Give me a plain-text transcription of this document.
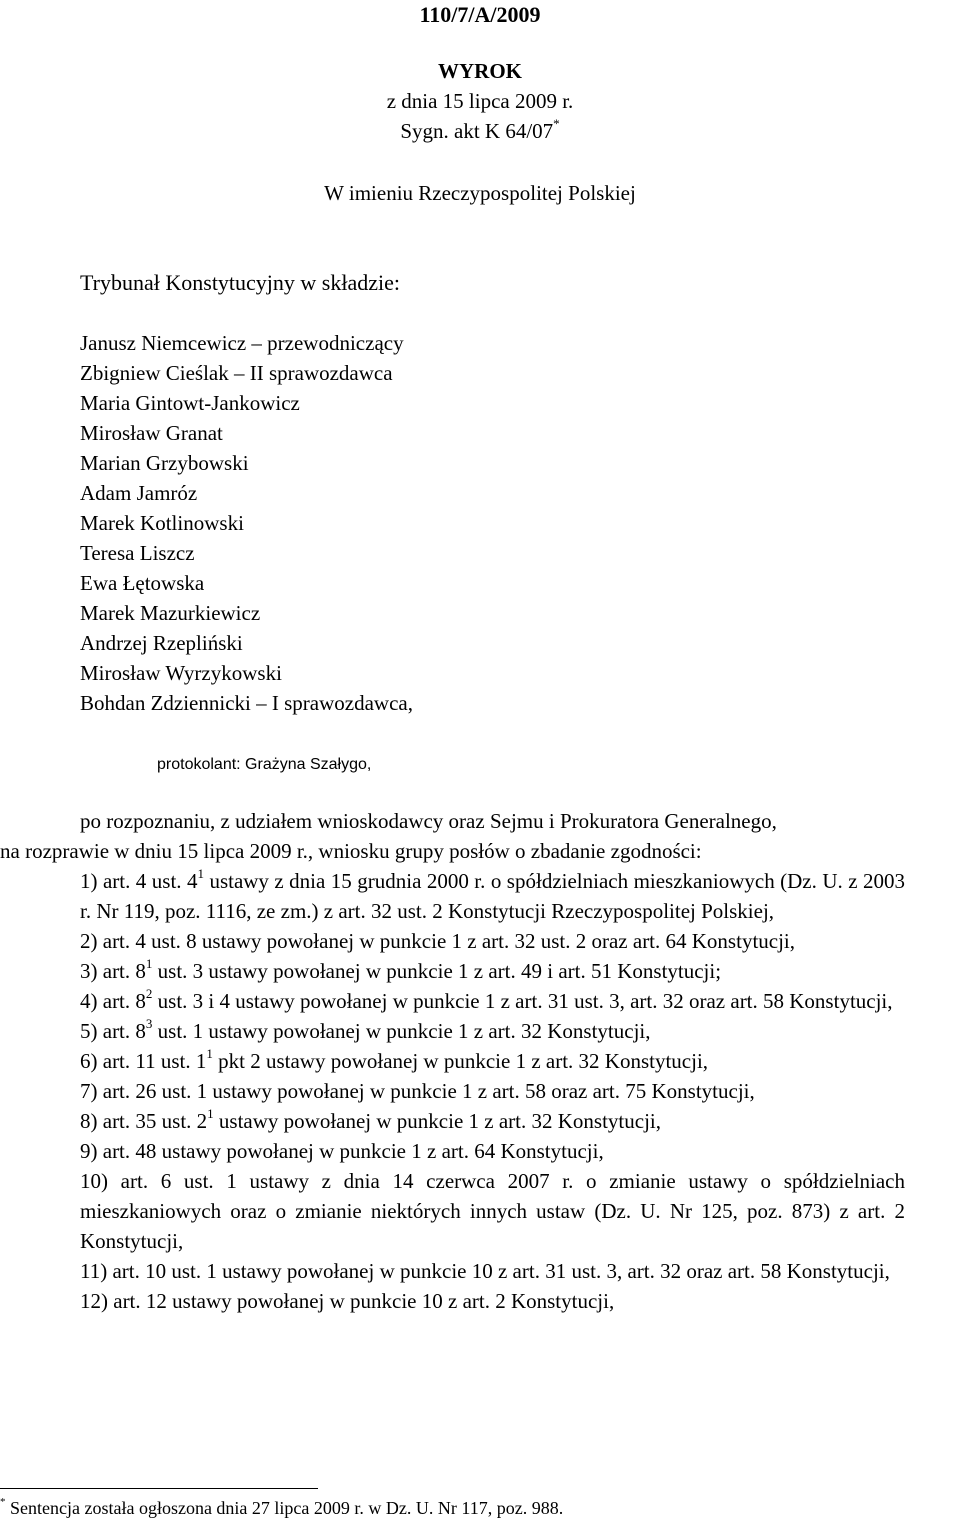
110/7/A/2009
WYROK
z dnia 15 lipca 2009 r.
Sygn. akt K 64/07*
W imieniu Rzeczypospolitej Polskiej
Trybunał Konstytucyjny w składzie:
Janusz Niemcewicz – przewodniczący
Zbigniew Cieślak – II sprawozdawca
Maria Gintowt-Jankowicz
Mirosław Granat
Marian Grzybowski
Adam Jamróz
Marek Kotlinowski
Teresa Liszcz
Ewa Łętowska
Marek Mazurkiewicz
Andrzej Rzepliński
Mirosław Wyrzykowski
Bohdan Zdziennicki – I sprawozdawca,
protokolant: Grażyna Szałygo,
po rozpoznaniu, z udziałem wnioskodawcy oraz Sejmu i Prokuratora Generalnego,
na rozprawie w dniu 15 lipca 2009 r., wniosku grupy posłów o zbadanie zgodności:
1) art. 4 ust. $4^1$ ustawy z dnia 15 grudnia 2000 r. o spółdzielniach mieszkaniowych (Dz. U. z 2003 r. Nr 119, poz. 1116, ze zm.) z art. 32 ust. 2 Konstytucji Rzeczypospolitej Polskiej,
2) art. 4 ust. 8 ustawy powołanej w punkcie 1 z art. 32 ust. 2 oraz art. 64 Konstytucji,
3) art. $8^1$ ust. 3 ustawy powołanej w punkcie 1 z art. 49 i art. 51 Konstytucji;
4) art. $8^2$ ust. 3 i 4 ustawy powołanej w punkcie 1 z art. 31 ust. 3, art. 32 oraz art. 58 Konstytucji,
5) art. $8^3$ ust. 1 ustawy powołanej w punkcie 1 z art. 32 Konstytucji,
6) art. 11 ust. $1^1$ pkt 2 ustawy powołanej w punkcie 1 z art. 32 Konstytucji,
7) art. 26 ust. 1 ustawy powołanej w punkcie 1 z art. 58 oraz art. 75 Konstytucji,
8) art. 35 ust. $2^1$ ustawy powołanej w punkcie 1 z art. 32 Konstytucji,
9) art. 48 ustawy powołanej w punkcie 1 z art. 64 Konstytucji,
10) art. 6 ust. 1 ustawy z dnia 14 czerwca 2007 r. o zmianie ustawy o spółdzielniach mieszkaniowych oraz o zmianie niektórych innych ustaw (Dz. U. Nr 125, poz. 873) z art. 2 Konstytucji,
11) art. 10 ust. 1 ustawy powołanej w punkcie 10 z art. 31 ust. 3, art. 32 oraz art. 58 Konstytucji,
12) art. 12 ustawy powołanej w punkcie 10 z art. 2 Konstytucji,
* Sentencja została ogłoszona dnia 27 lipca 2009 r. w Dz. U. Nr 117, poz. 988.
